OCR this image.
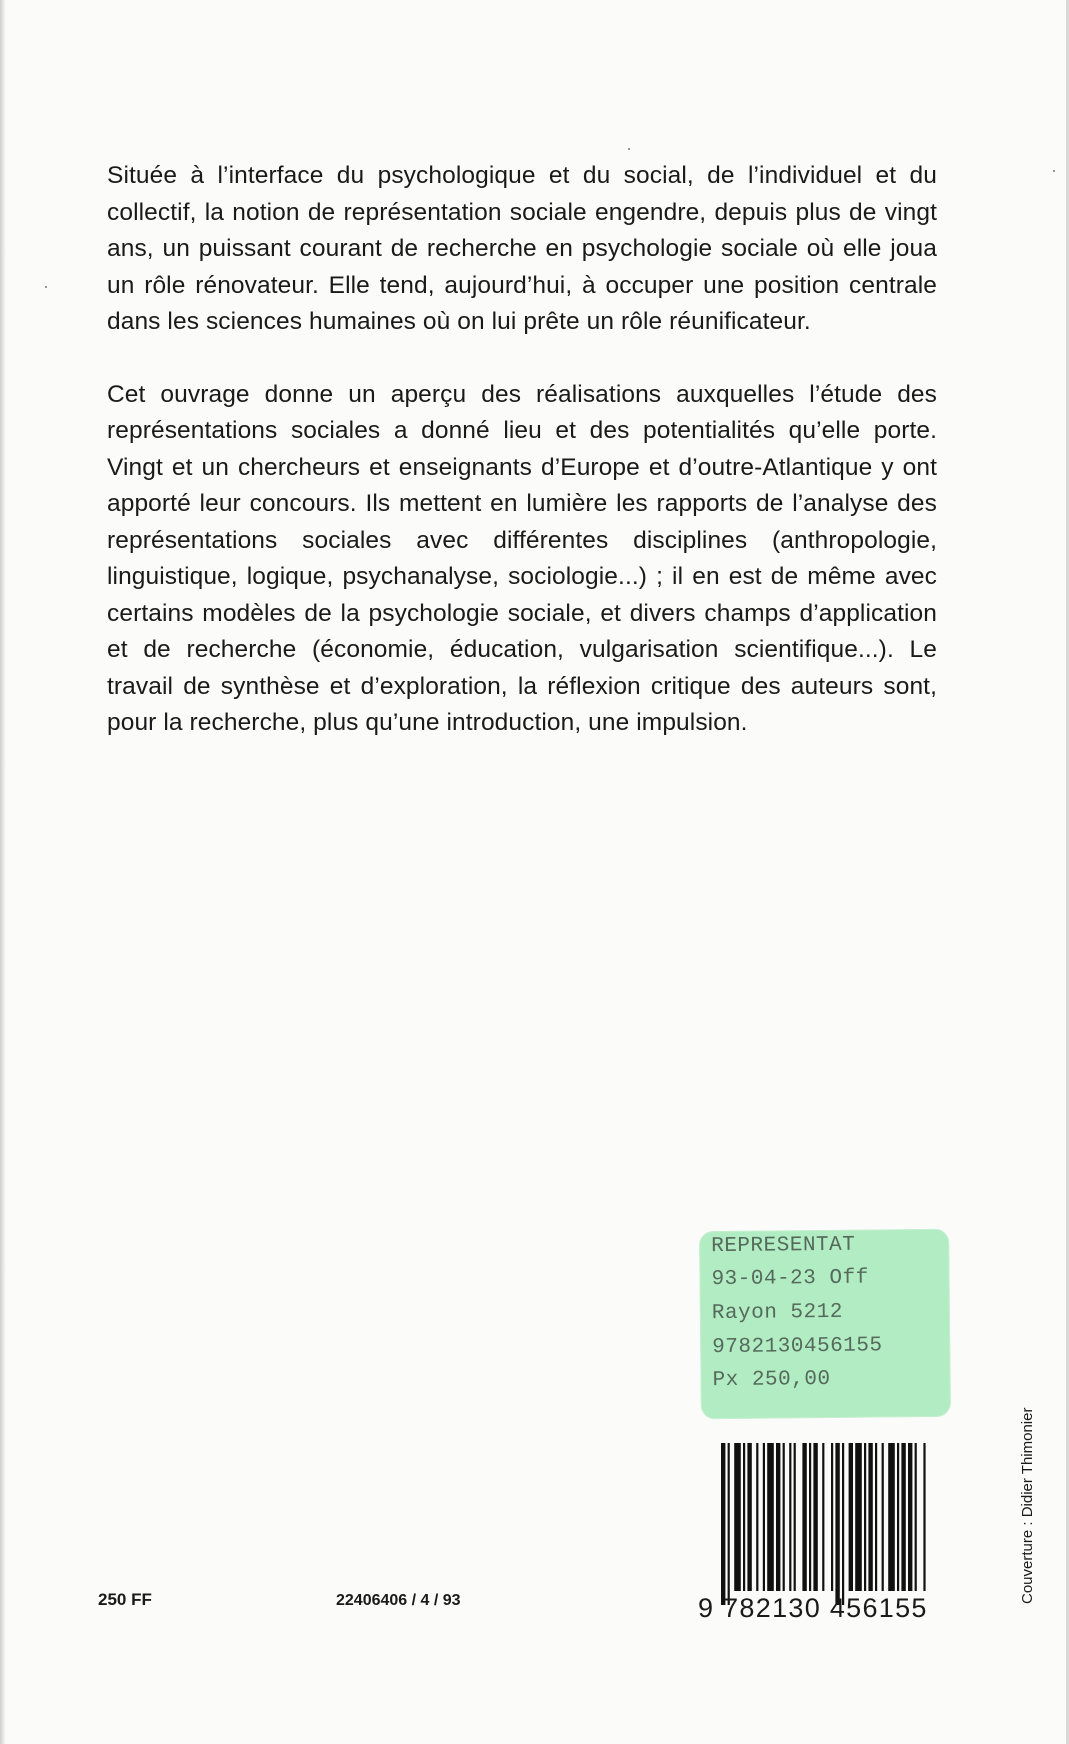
Située à l’interface du psychologique et du social, de l’individuel et du collectif, la notion de représentation sociale engendre, depuis plus de vingt ans, un puissant courant de recherche en psychologie sociale où elle joua un rôle rénovateur. Elle tend, aujourd’hui, à occuper une position centrale dans les sciences humaines où on lui prête un rôle réunificateur.

Cet ouvrage donne un aperçu des réalisations auxquelles l’étude des représentations sociales a donné lieu et des potentialités qu’elle porte. Vingt et un chercheurs et enseignants d’Europe et d’outre-Atlantique y ont apporté leur concours. Ils mettent en lumière les rapports de l’analyse des représentations sociales avec différentes disciplines (anthropologie, linguistique, logique, psychanalyse, sociologie...) ; il en est de même avec certains modèles de la psychologie sociale, et divers champs d’application et de recherche (économie, éducation, vulgarisation scientifique...). Le travail de synthèse et d’exploration, la réflexion critique des auteurs sont, pour la recherche, plus qu’une introduction, une impulsion.

REPRESENTAT
93-04-23 Off
Rayon 5212
9782130456155
Px 250,00
9 782130 456155
250 FF	22406406 / 4 / 93	Couverture : Didier Thimonier
